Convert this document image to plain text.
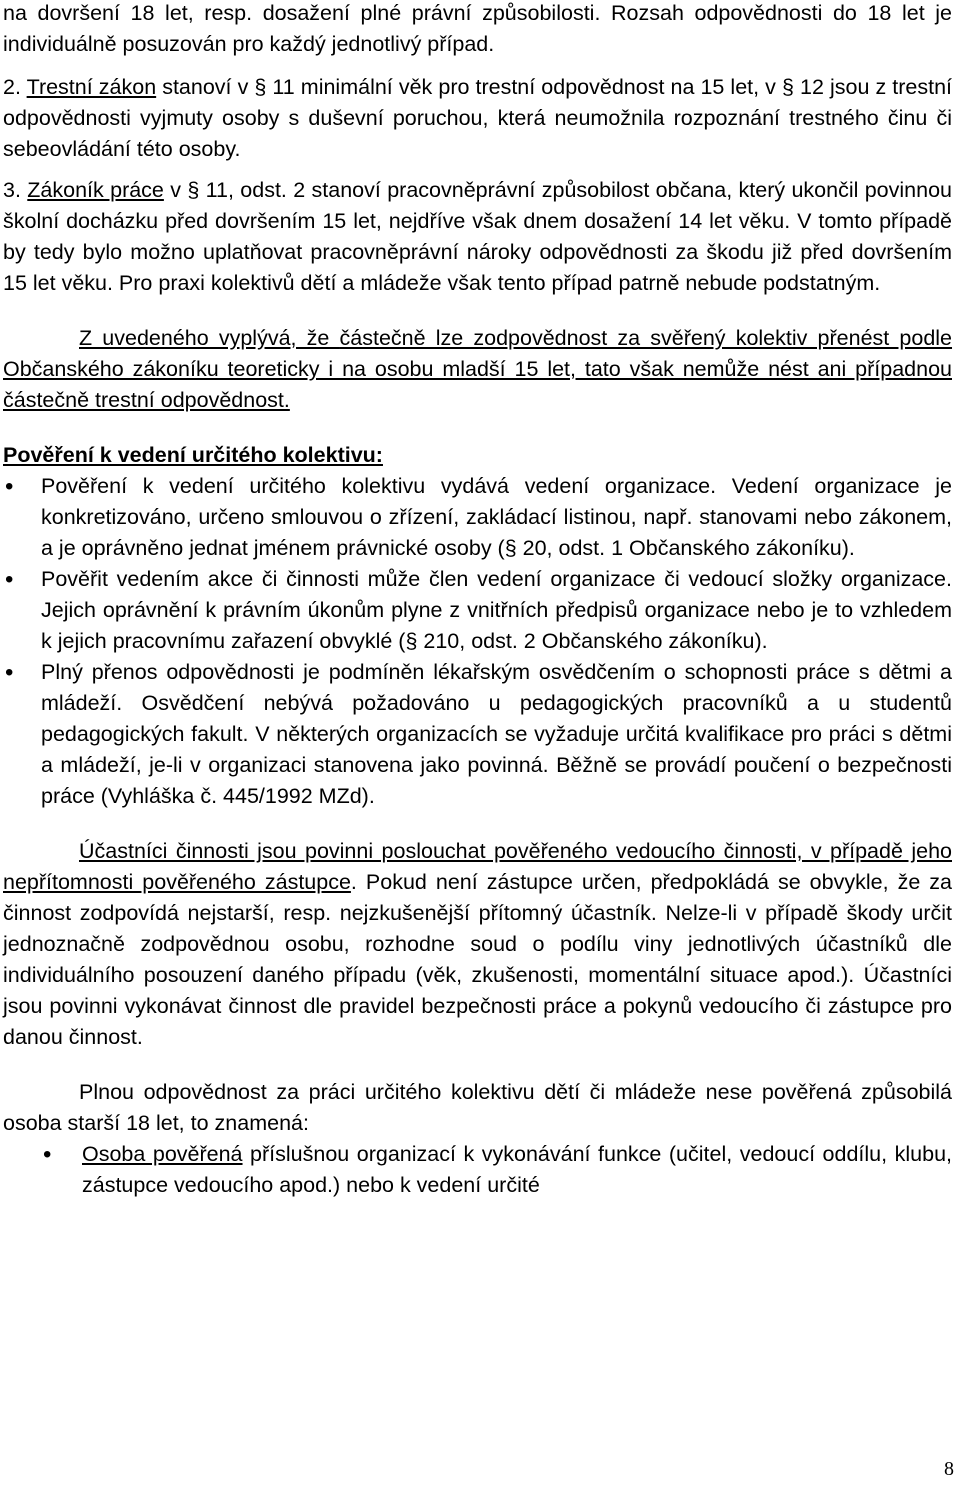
na dovršení 18 let, resp. dosažení plné právní způsobilosti. Rozsah odpovědnosti do 18 let je individuálně posuzován pro každý jednotlivý případ.

2. Trestní zákon stanoví v § 11 minimální věk pro trestní odpovědnost na 15 let, v § 12 jsou z trestní odpovědnosti vyjmuty osoby s duševní poruchou, která neumožnila rozpoznání trestného činu či sebeovládání této osoby.

3. Zákoník práce v § 11, odst. 2 stanoví pracovněprávní způsobilost občana, který ukončil povinnou školní docházku před dovršením 15 let, nejdříve však dnem dosažení 14 let věku. V tomto případě by tedy bylo možno uplatňovat pracovněprávní nároky odpovědnosti za škodu již před dovršením 15 let věku. Pro praxi kolektivů dětí a mládeže však tento případ patrně nebude podstatným.

Z uvedeného vyplývá, že částečně lze zodpovědnost za svěřený kolektiv přenést podle Občanského zákoníku teoreticky i na osobu mladší 15 let, tato však nemůže nést ani případnou částečně trestní odpovědnost.

Pověření k vedení určitého kolektivu:

• Pověření k vedení určitého kolektivu vydává vedení organizace. Vedení organizace je konkretizováno, určeno smlouvou o zřízení, zakládací listinou, např. stanovami nebo zákonem, a je oprávněno jednat jménem právnické osoby (§ 20, odst. 1 Občanského zákoníku).
• Pověřit vedením akce či činnosti může člen vedení organizace či vedoucí složky organizace. Jejich oprávnění k právním úkonům plyne z vnitřních předpisů organizace nebo je to vzhledem k jejich pracovnímu zařazení obvyklé (§ 210, odst. 2 Občanského zákoníku).
• Plný přenos odpovědnosti je podmíněn lékařským osvědčením o schopnosti práce s dětmi a mládeží. Osvědčení nebývá požadováno u pedagogických pracovníků a u studentů pedagogických fakult. V některých organizacích se vyžaduje určitá kvalifikace pro práci s dětmi a mládeží, je-li v organizaci stanovena jako povinná. Běžně se provádí poučení o bezpečnosti práce (Vyhláška č. 445/1992 MZd).

Účastníci činnosti jsou povinni poslouchat pověřeného vedoucího činnosti, v případě jeho nepřítomnosti pověřeného zástupce. Pokud není zástupce určen, předpokládá se obvykle, že za činnost zodpovídá nejstarší, resp. nejzkušenější přítomný účastník. Nelze-li v případě škody určit jednoznačně zodpovědnou osobu, rozhodne soud o podílu viny jednotlivých účastníků dle individuálního posouzení daného případu (věk, zkušenosti, momentální situace apod.). Účastníci jsou povinni vykonávat činnost dle pravidel bezpečnosti práce a pokynů vedoucího či zástupce pro danou činnost.

Plnou odpovědnost za práci určitého kolektivu dětí či mládeže nese pověřená způsobilá osoba starší 18 let, to znamená:

• Osoba pověřená příslušnou organizací k vykonávání funkce (učitel, vedoucí oddílu, klubu, zástupce vedoucího apod.) nebo k vedení určité
8
